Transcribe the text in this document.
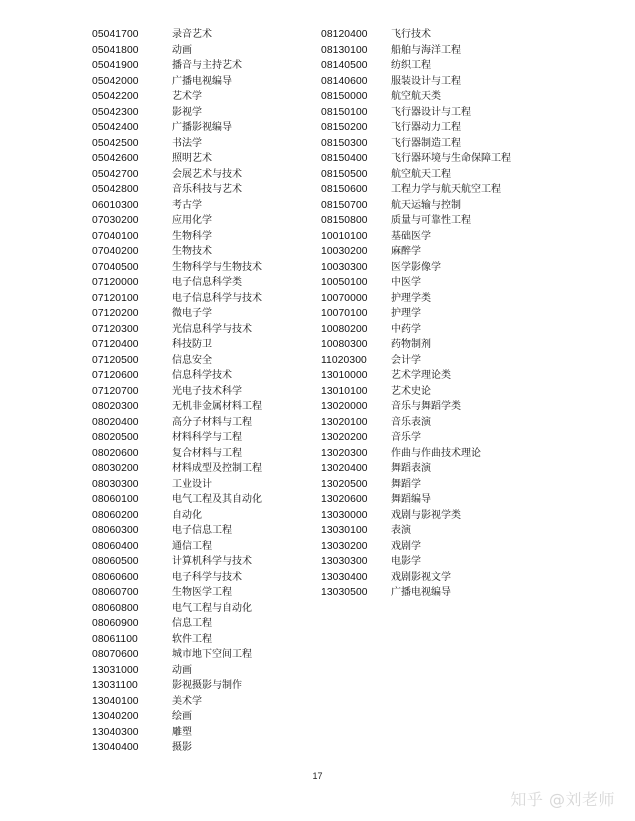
05041700	录音艺术
05041800	动画
05041900	播音与主持艺术
05042000	广播电视编导
05042200	艺术学
05042300	影视学
05042400	广播影视编导
05042500	书法学
05042600	照明艺术
05042700	会展艺术与技术
05042800	音乐科技与艺术
06010300	考古学
07030200	应用化学
07040100	生物科学
07040200	生物技术
07040500	生物科学与生物技术
07120000	电子信息科学类
07120100	电子信息科学与技术
07120200	微电子学
07120300	光信息科学与技术
07120400	科技防卫
07120500	信息安全
07120600	信息科学技术
07120700	光电子技术科学
08020300	无机非金属材料工程
08020400	高分子材料与工程
08020500	材料科学与工程
08020600	复合材料与工程
08030200	材料成型及控制工程
08030300	工业设计
08060100	电气工程及其自动化
08060200	自动化
08060300	电子信息工程
08060400	通信工程
08060500	计算机科学与技术
08060600	电子科学与技术
08060700	生物医学工程
08060800	电气工程与自动化
08060900	信息工程
08061100	软件工程
08070600	城市地下空间工程
13031000	动画
13031100	影视摄影与制作
13040100	美术学
13040200	绘画
13040300	雕塑
13040400	摄影
08120400	飞行技术
08130100	船舶与海洋工程
08140500	纺织工程
08140600	服装设计与工程
08150000	航空航天类
08150100	飞行器设计与工程
08150200	飞行器动力工程
08150300	飞行器制造工程
08150400	飞行器环境与生命保障工程
08150500	航空航天工程
08150600	工程力学与航天航空工程
08150700	航天运输与控制
08150800	质量与可靠性工程
10010100	基础医学
10030200	麻醉学
10030300	医学影像学
10050100	中医学
10070000	护理学类
10070100	护理学
10080200	中药学
10080300	药物制剂
11020300	会计学
13010000	艺术学理论类
13010100	艺术史论
13020000	音乐与舞蹈学类
13020100	音乐表演
13020200	音乐学
13020300	作曲与作曲技术理论
13020400	舞蹈表演
13020500	舞蹈学
13020600	舞蹈编导
13030000	戏剧与影视学类
13030100	表演
13030200	戏剧学
13030300	电影学
13030400	戏剧影视文学
13030500	广播电视编导
17
知乎 @刘老师
